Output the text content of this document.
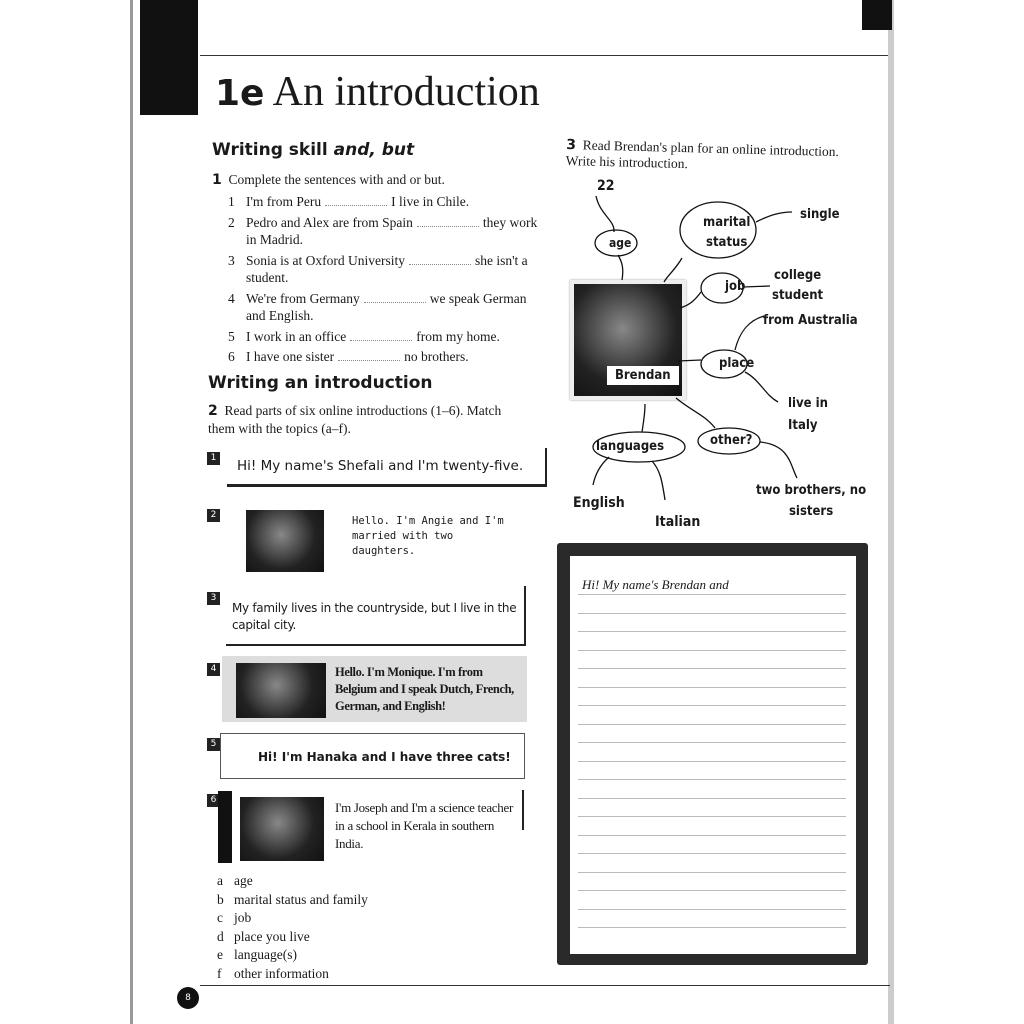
1e An introduction
Writing skill and, but
1 Complete the sentences with and or but.
1 I'm from Peru	I live in Chile.
2 Pedro and Alex are from Spain	they work in Madrid.
3 Sonia is at Oxford University	she isn't a student.
4 We're from Germany	we speak German and English.
5 I work in an office	from my home.
6 I have one sister	no brothers.
Writing an introduction
2 Read parts of six online introductions (1–6). Match them with the topics (a–f).
1	Hi! My name's Shefali and I'm twenty-five.
2	Hello. I'm Angie and I'm married with two daughters.
3
My family lives in the countryside, but I live in the capital city.
4	Hello. I'm Monique. I'm from Belgium and I speak Dutch, French, German, and English!
5
Hi! I'm Hanaka and I have three cats!
6	I'm Joseph and I'm a science teacher in a school in Kerala in southern India.
a age
b marital status and family
c job
d place you live
e language(s)
f other information
3 Read Brendan's plan for an online introduction. Write his introduction.
Brendan
22
age
marital
status
single
job
college
student
from Australia
place
live in
Italy
languages	other?
English
Italian
two brothers, no
sisters
Hi! My name's Brendan and
8
